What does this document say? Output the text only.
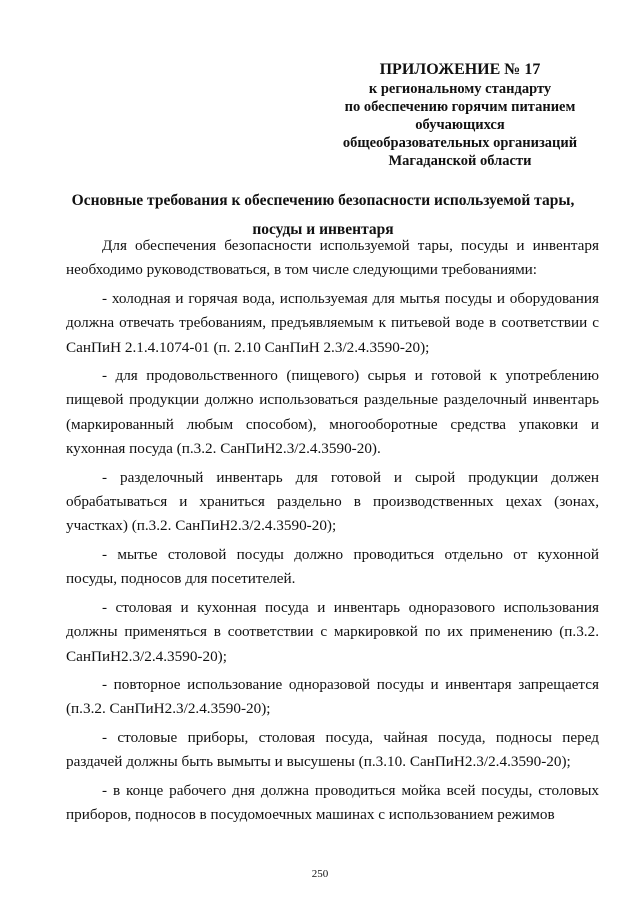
ПРИЛОЖЕНИЕ № 17
к региональному стандарту
по обеспечению горячим питанием
обучающихся
общеобразовательных организаций
Магаданской области
Основные требования к обеспечению безопасности используемой тары,
посуды и инвентаря

Для обеспечения безопасности используемой тары, посуды и инвентаря необходимо руководствоваться, в том числе следующими требованиями:

- холодная и горячая вода, используемая для мытья посуды и оборудования должна отвечать требованиям, предъявляемым к питьевой воде в соответствии с СанПиН 2.1.4.1074-01 (п. 2.10 СанПиН 2.3/2.4.3590-20);

- для продовольственного (пищевого) сырья и готовой к употреблению пищевой продукции должно использоваться раздельные разделочный инвентарь (маркированный любым способом), многооборотные средства упаковки и кухонная посуда (п.3.2. СанПиН2.3/2.4.3590-20).

- разделочный инвентарь для готовой и сырой продукции должен обрабатываться и храниться раздельно в производственных цехах (зонах, участках) (п.3.2. СанПиН2.3/2.4.3590-20);

- мытье столовой посуды должно проводиться отдельно от кухонной посуды, подносов для посетителей.

- столовая и кухонная посуда и инвентарь одноразового использования должны применяться в соответствии с маркировкой по их применению (п.3.2. СанПиН2.3/2.4.3590-20);

- повторное использование одноразовой посуды и инвентаря запрещается (п.3.2. СанПиН2.3/2.4.3590-20);

- столовые приборы, столовая посуда, чайная посуда, подносы перед раздачей должны быть вымыты и высушены (п.3.10. СанПиН2.3/2.4.3590-20);

- в конце рабочего дня должна проводиться мойка всей посуды, столовых приборов, подносов в посудомоечных машинах с использованием режимов

250
